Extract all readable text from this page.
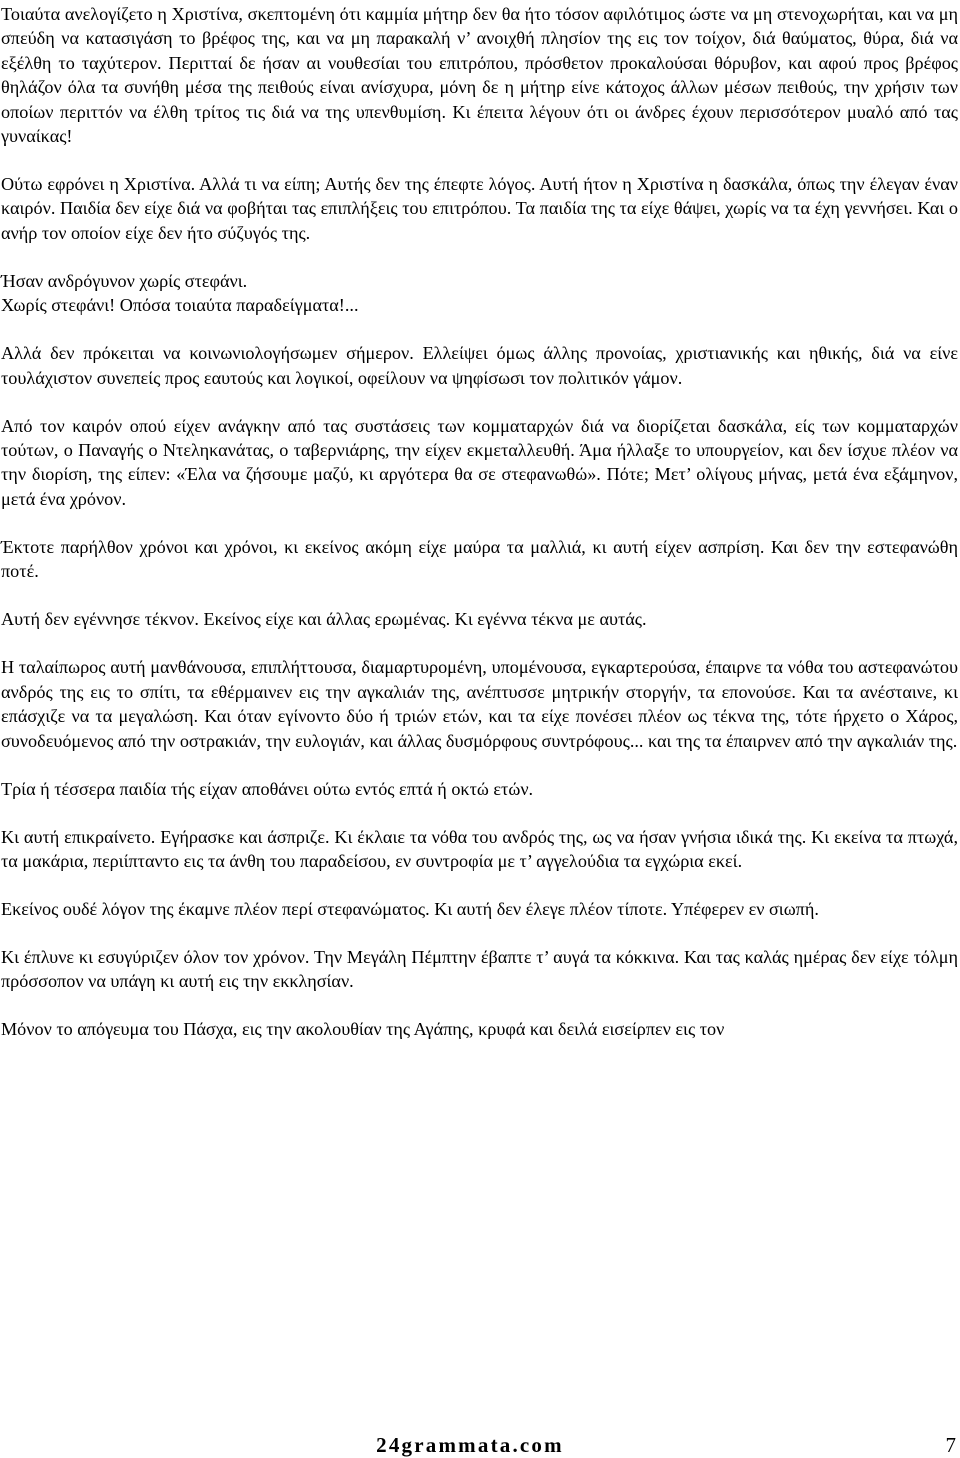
Τοιαύτα ανελογίζετο η Χριστίνα, σκεπτομένη ότι καμμία μήτηρ δεν θα ήτο τόσον αφιλότιμος ώστε να μη στενοχωρήται, και να μη σπεύδη να κατασιγάση το βρέφος της, και να μη παρακαλή ν’ ανοιχθή πλησίον της εις τον τοίχον, διά θαύματος, θύρα, διά να εξέλθη το ταχύτερον. Περιτταί δε ήσαν αι νουθεσίαι του επιτρόπου, πρόσθετον προκαλούσαι θόρυβον, και αφού προς βρέφος θηλάζον όλα τα συνήθη μέσα της πειθούς είναι ανίσχυρα, μόνη δε η μήτηρ είνε κάτοχος άλλων μέσων πειθούς, την χρήσιν των οποίων περιττόν να έλθη τρίτος τις διά να της υπενθυμίση. Κι έπειτα λέγουν ότι οι άνδρες έχουν περισσότερον μυαλό από τας γυναίκας!

Ούτω εφρόνει η Χριστίνα. Αλλά τι να είπη; Αυτής δεν της έπεφτε λόγος. Αυτή ήτον η Χριστίνα η δασκάλα, όπως την έλεγαν έναν καιρόν. Παιδία δεν είχε διά να φοβήται τας επιπλήξεις του επιτρόπου. Τα παιδία της τα είχε θάψει, χωρίς να τα έχη γεννήσει. Και ο ανήρ τον οποίον είχε δεν ήτο σύζυγός της.

Ήσαν ανδρόγυνον χωρίς στεφάνι.

Χωρίς στεφάνι! Οπόσα τοιαύτα παραδείγματα!...

Αλλά δεν πρόκειται να κοινωνιολογήσωμεν σήμερον. Ελλείψει όμως άλλης προνοίας, χριστιανικής και ηθικής, διά να είνε τουλάχιστον συνεπείς προς εαυτούς και λογικοί, οφείλουν να ψηφίσωσι τον πολιτικόν γάμον.

Από τον καιρόν οπού είχεν ανάγκην από τας συστάσεις των κομματαρχών διά να διορίζεται δασκάλα, είς των κομματαρχών τούτων, ο Παναγής ο Ντεληκανάτας, ο ταβερνιάρης, την είχεν εκμεταλλευθή. Άμα ήλλαξε το υπουργείον, και δεν ίσχυε πλέον να την διορίση, της είπεν: «Έλα να ζήσουμε μαζύ, κι αργότερα θα σε στεφανωθώ». Πότε; Μετ’ ολίγους μήνας, μετά ένα εξάμηνον, μετά ένα χρόνον.

Έκτοτε παρήλθον χρόνοι και χρόνοι, κι εκείνος ακόμη είχε μαύρα τα μαλλιά, κι αυτή είχεν ασπρίση. Και δεν την εστεφανώθη ποτέ.

Αυτή δεν εγέννησε τέκνον. Εκείνος είχε και άλλας ερωμένας. Κι εγέννα τέκνα με αυτάς.

Η ταλαίπωρος αυτή μανθάνουσα, επιπλήττουσα, διαμαρτυρομένη, υπομένουσα, εγκαρτερούσα, έπαιρνε τα νόθα του αστεφανώτου ανδρός της εις το σπίτι, τα εθέρμαινεν εις την αγκαλιάν της, ανέπτυσσε μητρικήν στοργήν, τα επονούσε. Και τα ανέσταινε, κι επάσχιζε να τα μεγαλώση. Και όταν εγίνοντο δύο ή τριών ετών, και τα είχε πονέσει πλέον ως τέκνα της, τότε ήρχετο ο Χάρος, συνοδευόμενος από την οστρακιάν, την ευλογιάν, και άλλας δυσμόρφους συντρόφους... και της τα έπαιρνεν από την αγκαλιάν της.

Τρία ή τέσσερα παιδία τής είχαν αποθάνει ούτω εντός επτά ή οκτώ ετών.

Κι αυτή επικραίνετο. Εγήρασκε και άσπριζε. Κι έκλαιε τα νόθα του ανδρός της, ως να ήσαν γνήσια ιδικά της. Κι εκείνα τα πτωχά, τα μακάρια, περιίπταντο εις τα άνθη του παραδείσου, εν συντροφία με τ’ αγγελούδια τα εγχώρια εκεί.

Εκείνος ουδέ λόγον της έκαμνε πλέον περί στεφανώματος. Κι αυτή δεν έλεγε πλέον τίποτε. Υπέφερεν εν σιωπή.

Κι έπλυνε κι εσυγύριζεν όλον τον χρόνον. Την Μεγάλη Πέμπτην έβαπτε τ’ αυγά τα κόκκινα. Και τας καλάς ημέρας δεν είχε τόλμη πρόσσοπον να υπάγη κι αυτή εις την εκκλησίαν.

Μόνον το απόγευμα του Πάσχα, εις την ακολουθίαν της Αγάπης, κρυφά και δειλά εισείρπεν εις τον

24grammata.com	7
